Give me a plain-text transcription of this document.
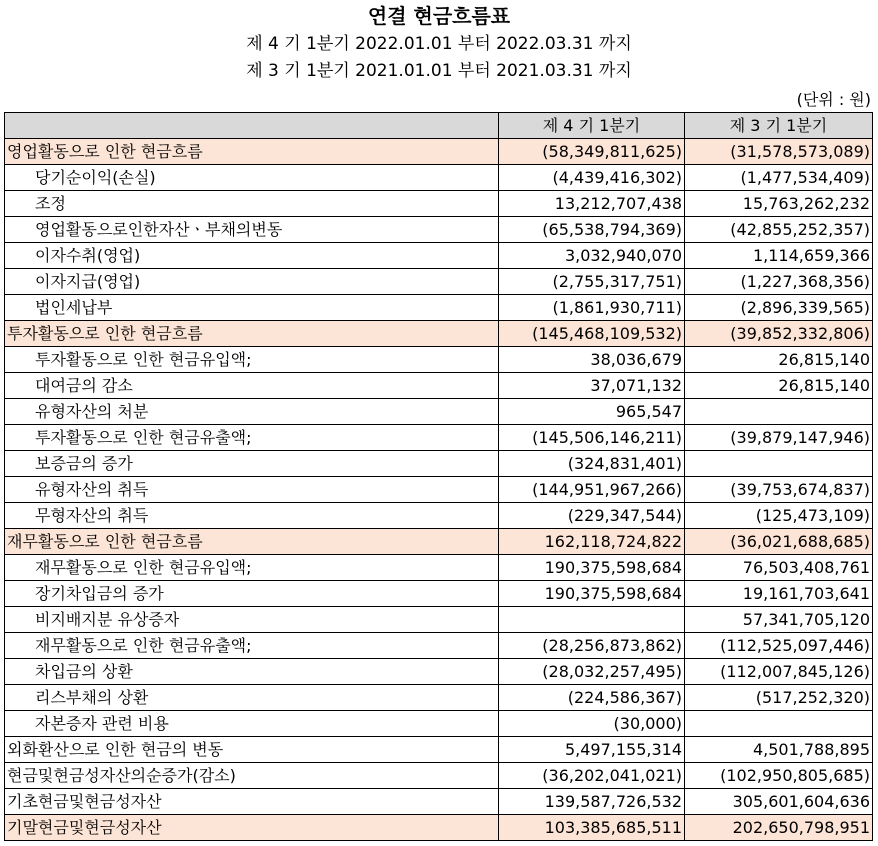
연결 현금흐름표
제 4 기 1분기 2022.01.01 부터 2022.03.31 까지
제 3 기 1분기 2021.01.01 부터 2021.03.31 까지
(단위 : 원)
	제 4 기 1분기	제 3 기 1분기
영업활동으로 인한 현금흐름	(58,349,811,625)	(31,578,573,089)
당기순이익(손실)	(4,439,416,302)	(1,477,534,409)
조정	13,212,707,438	15,763,262,232
영업활동으로인한자산ㆍ부채의변동	(65,538,794,369)	(42,855,252,357)
이자수취(영업)	3,032,940,070	1,114,659,366
이자지급(영업)	(2,755,317,751)	(1,227,368,356)
법인세납부	(1,861,930,711)	(2,896,339,565)
투자활동으로 인한 현금흐름	(145,468,109,532)	(39,852,332,806)
투자활동으로 인한 현금유입액;	38,036,679	26,815,140
대여금의 감소	37,071,132	26,815,140
유형자산의 처분	965,547	
투자활동으로 인한 현금유출액;	(145,506,146,211)	(39,879,147,946)
보증금의 증가	(324,831,401)	
유형자산의 취득	(144,951,967,266)	(39,753,674,837)
무형자산의 취득	(229,347,544)	(125,473,109)
재무활동으로 인한 현금흐름	162,118,724,822	(36,021,688,685)
재무활동으로 인한 현금유입액;	190,375,598,684	76,503,408,761
장기차입금의 증가	190,375,598,684	19,161,703,641
비지배지분 유상증자		57,341,705,120
재무활동으로 인한 현금유출액;	(28,256,873,862)	(112,525,097,446)
차입금의 상환	(28,032,257,495)	(112,007,845,126)
리스부채의 상환	(224,586,367)	(517,252,320)
자본증자 관련 비용	(30,000)	
외화환산으로 인한 현금의 변동	5,497,155,314	4,501,788,895
현금및현금성자산의순증가(감소)	(36,202,041,021)	(102,950,805,685)
기초현금및현금성자산	139,587,726,532	305,601,604,636
기말현금및현금성자산	103,385,685,511	202,650,798,951
